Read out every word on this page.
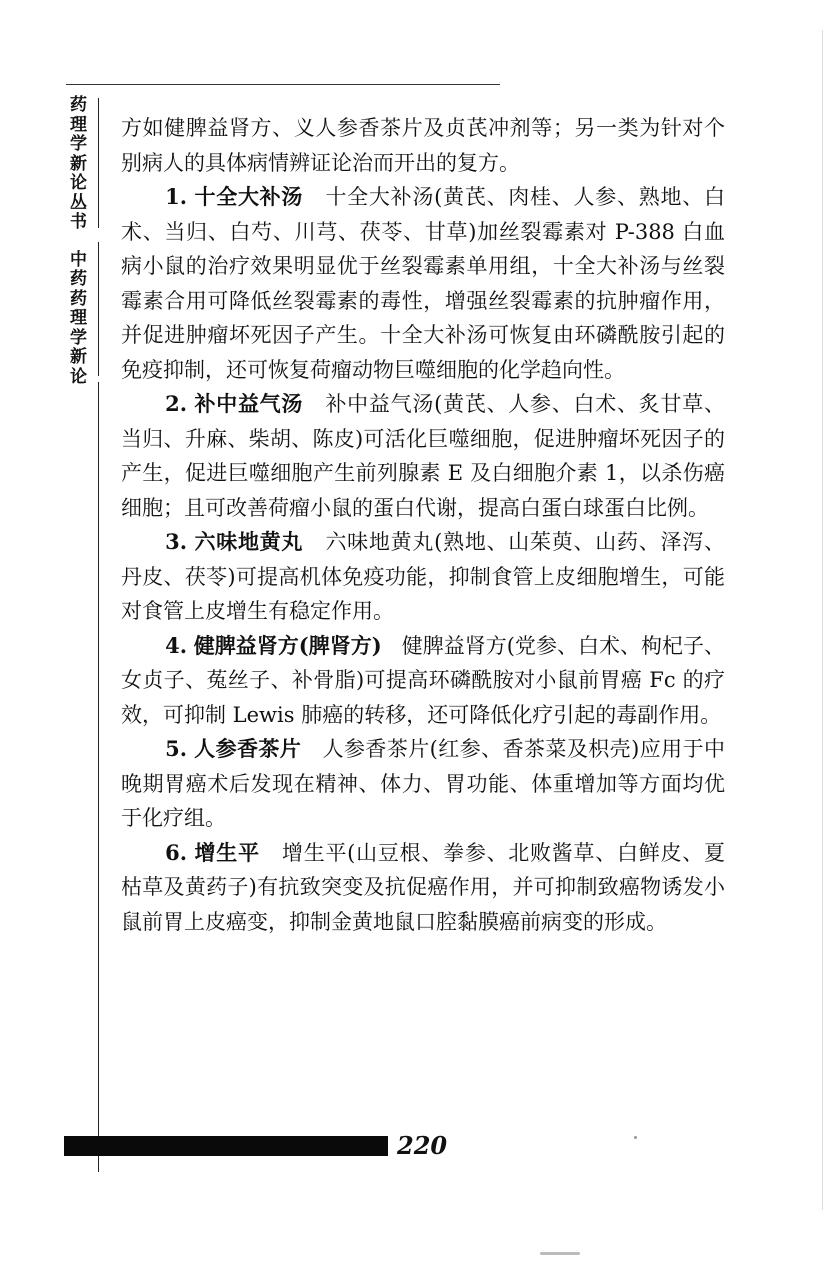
药理学新论丛书
中药药理学新论

方如健脾益肾方、义人参香茶片及贞芪冲剂等；另一类为针对个别病人的具体病情辨证论治而开出的复方。

1. 十全大补汤 十全大补汤(黄芪、肉桂、人参、熟地、白术、当归、白芍、川芎、茯苓、甘草)加丝裂霉素对 P-388 白血病小鼠的治疗效果明显优于丝裂霉素单用组，十全大补汤与丝裂霉素合用可降低丝裂霉素的毒性，增强丝裂霉素的抗肿瘤作用，并促进肿瘤坏死因子产生。十全大补汤可恢复由环磷酰胺引起的免疫抑制，还可恢复荷瘤动物巨噬细胞的化学趋向性。

2. 补中益气汤 补中益气汤(黄芪、人参、白术、炙甘草、当归、升麻、柴胡、陈皮)可活化巨噬细胞，促进肿瘤坏死因子的产生，促进巨噬细胞产生前列腺素 E 及白细胞介素 1，以杀伤癌细胞；且可改善荷瘤小鼠的蛋白代谢，提高白蛋白球蛋白比例。

3. 六味地黄丸 六味地黄丸(熟地、山茱萸、山药、泽泻、丹皮、茯苓)可提高机体免疫功能，抑制食管上皮细胞增生，可能对食管上皮增生有稳定作用。

4. 健脾益肾方(脾肾方) 健脾益肾方(党参、白术、枸杞子、女贞子、菟丝子、补骨脂)可提高环磷酰胺对小鼠前胃癌 Fc 的疗效，可抑制 Lewis 肺癌的转移，还可降低化疗引起的毒副作用。

5. 人参香茶片 人参香茶片(红参、香茶菜及枳壳)应用于中晚期胃癌术后发现在精神、体力、胃功能、体重增加等方面均优于化疗组。

6. 增生平 增生平(山豆根、拳参、北败酱草、白鲜皮、夏枯草及黄药子)有抗致突变及抗促癌作用，并可抑制致癌物诱发小鼠前胃上皮癌变，抑制金黄地鼠口腔黏膜癌前病变的形成。

220
